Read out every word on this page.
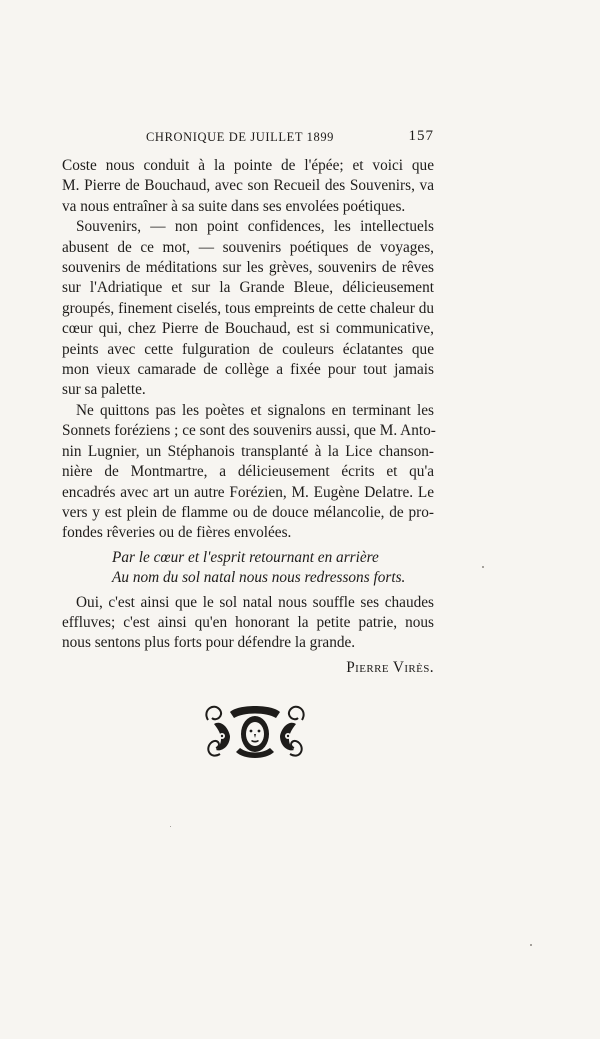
CHRONIQUE DE JUILLET 1899	157
Coste nous conduit à la pointe de l'épée; et voici que
M. Pierre de Bouchaud, avec son Recueil des Souvenirs, va
va nous entraîner à sa suite dans ses envolées poétiques.
Souvenirs, — non point confidences, les intellectuels
abusent de ce mot, — souvenirs poétiques de voyages,
souvenirs de méditations sur les grèves, souvenirs de rêves
sur l'Adriatique et sur la Grande Bleue, délicieusement
groupés, finement ciselés, tous empreints de cette chaleur du
cœur qui, chez Pierre de Bouchaud, est si communicative,
peints avec cette fulguration de couleurs éclatantes que
mon vieux camarade de collège a fixée pour tout jamais
sur sa palette.
Ne quittons pas les poètes et signalons en terminant les
Sonnets foréziens ; ce sont des souvenirs aussi, que M. Anto-
nin Lugnier, un Stéphanois transplanté à la Lice chanson-
nière de Montmartre, a délicieusement écrits et qu'a
encadrés avec art un autre Forézien, M. Eugène Delatre. Le
vers y est plein de flamme ou de douce mélancolie, de pro-
fondes rêveries ou de fières envolées.
Par le cœur et l'esprit retournant en arrière
Au nom du sol natal nous nous redressons forts.
Oui, c'est ainsi que le sol natal nous souffle ses chaudes
effluves; c'est ainsi qu'en honorant la petite patrie, nous
nous sentons plus forts pour défendre la grande.
Pierre Virès.
